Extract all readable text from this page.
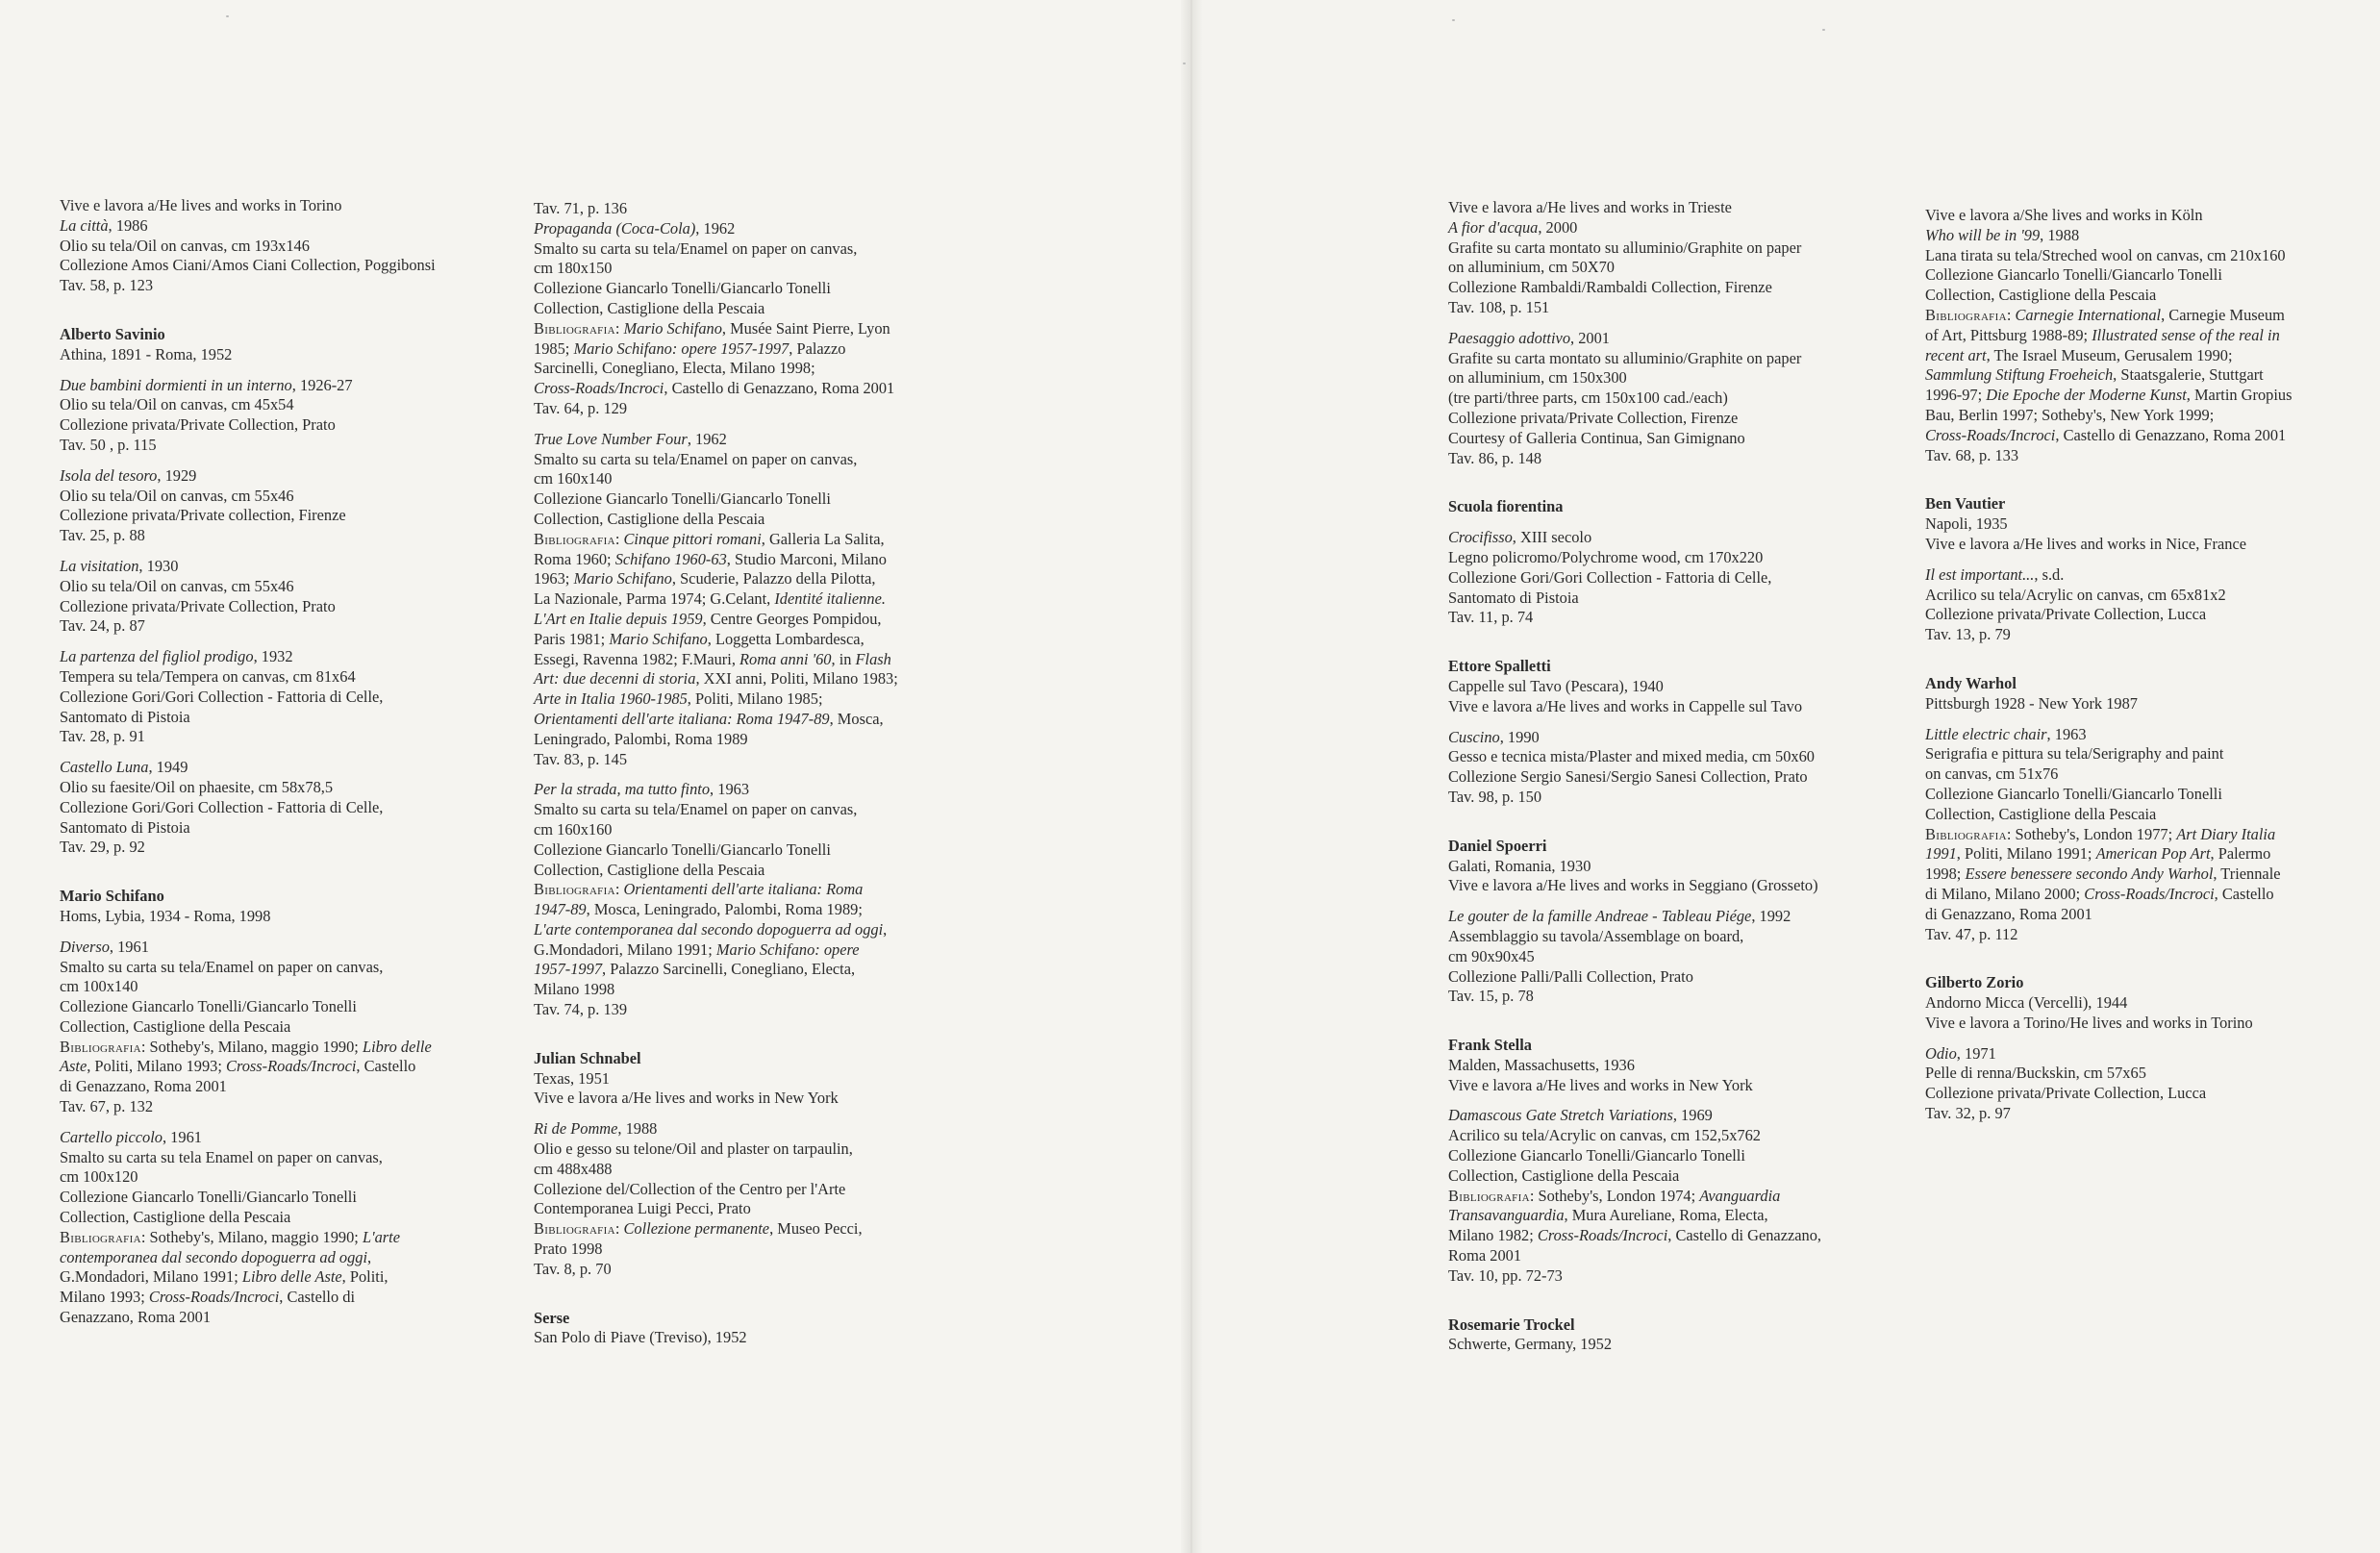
Vive e lavora a/He lives and works in Torino
La città, 1986
Olio su tela/Oil on canvas, cm 193x146
Collezione Amos Ciani/Amos Ciani Collection, Poggibonsi
Tav. 58, p. 123
Alberto Savinio
Athina, 1891 - Roma, 1952
Due bambini dormienti in un interno, 1926-27
Olio su tela/Oil on canvas, cm 45x54
Collezione privata/Private Collection, Prato
Tav. 50 , p. 115
Isola del tesoro, 1929
Olio su tela/Oil on canvas, cm 55x46
Collezione privata/Private collection, Firenze
Tav. 25, p. 88
La visitation, 1930
Olio su tela/Oil on canvas, cm 55x46
Collezione privata/Private Collection, Prato
Tav. 24, p. 87
La partenza del figliol prodigo, 1932
Tempera su tela/Tempera on canvas, cm 81x64
Collezione Gori/Gori Collection - Fattoria di Celle,
Santomato di Pistoia
Tav. 28, p. 91
Castello Luna, 1949
Olio su faesite/Oil on phaesite, cm 58x78,5
Collezione Gori/Gori Collection - Fattoria di Celle,
Santomato di Pistoia
Tav. 29, p. 92
Mario Schifano
Homs, Lybia, 1934 - Roma, 1998
Diverso, 1961
Smalto su carta su tela/Enamel on paper on canvas,
cm 100x140
Collezione Giancarlo Tonelli/Giancarlo Tonelli
Collection, Castiglione della Pescaia
Bibliografia: Sotheby's, Milano, maggio 1990; Libro delle
Aste, Politi, Milano 1993; Cross-Roads/Incroci, Castello
di Genazzano, Roma 2001
Tav. 67, p. 132
Cartello piccolo, 1961
Smalto su carta su tela Enamel on paper on canvas,
cm 100x120
Collezione Giancarlo Tonelli/Giancarlo Tonelli
Collection, Castiglione della Pescaia
Bibliografia: Sotheby's, Milano, maggio 1990; L'arte
contemporanea dal secondo dopoguerra ad oggi,
G.Mondadori, Milano 1991; Libro delle Aste, Politi,
Milano 1993; Cross-Roads/Incroci, Castello di
Genazzano, Roma 2001
Tav. 71, p. 136
Propaganda (Coca-Cola), 1962
Smalto su carta su tela/Enamel on paper on canvas,
cm 180x150
Collezione Giancarlo Tonelli/Giancarlo Tonelli
Collection, Castiglione della Pescaia
Bibliografia: Mario Schifano, Musée Saint Pierre, Lyon
1985; Mario Schifano: opere 1957-1997, Palazzo
Sarcinelli, Conegliano, Electa, Milano 1998;
Cross-Roads/Incroci, Castello di Genazzano, Roma 2001
Tav. 64, p. 129
True Love Number Four, 1962
Smalto su carta su tela/Enamel on paper on canvas,
cm 160x140
Collezione Giancarlo Tonelli/Giancarlo Tonelli
Collection, Castiglione della Pescaia
Bibliografia: Cinque pittori romani, Galleria La Salita,
Roma 1960; Schifano 1960-63, Studio Marconi, Milano
1963; Mario Schifano, Scuderie, Palazzo della Pilotta,
La Nazionale, Parma 1974; G.Celant, Identité italienne.
L'Art en Italie depuis 1959, Centre Georges Pompidou,
Paris 1981; Mario Schifano, Loggetta Lombardesca,
Essegi, Ravenna 1982; F.Mauri, Roma anni '60, in Flash
Art: due decenni di storia, XXI anni, Politi, Milano 1983;
Arte in Italia 1960-1985, Politi, Milano 1985;
Orientamenti dell'arte italiana: Roma 1947-89, Mosca,
Leningrado, Palombi, Roma 1989
Tav. 83, p. 145
Per la strada, ma tutto finto, 1963
Smalto su carta su tela/Enamel on paper on canvas,
cm 160x160
Collezione Giancarlo Tonelli/Giancarlo Tonelli
Collection, Castiglione della Pescaia
Bibliografia: Orientamenti dell'arte italiana: Roma
1947-89, Mosca, Leningrado, Palombi, Roma 1989;
L'arte contemporanea dal secondo dopoguerra ad oggi,
G.Mondadori, Milano 1991; Mario Schifano: opere
1957-1997, Palazzo Sarcinelli, Conegliano, Electa,
Milano 1998
Tav. 74, p. 139
Julian Schnabel
Texas, 1951
Vive e lavora a/He lives and works in New York
Ri de Pomme, 1988
Olio e gesso su telone/Oil and plaster on tarpaulin,
cm 488x488
Collezione del/Collection of the Centro per l'Arte
Contemporanea Luigi Pecci, Prato
Bibliografia: Collezione permanente, Museo Pecci,
Prato 1998
Tav. 8, p. 70
Serse
San Polo di Piave (Treviso), 1952
Vive e lavora a/He lives and works in Trieste
A fior d'acqua, 2000
Grafite su carta montato su alluminio/Graphite on paper
on alluminium, cm 50X70
Collezione Rambaldi/Rambaldi Collection, Firenze
Tav. 108, p. 151
Paesaggio adottivo, 2001
Grafite su carta montato su alluminio/Graphite on paper
on alluminium, cm 150x300
(tre parti/three parts, cm 150x100 cad./each)
Collezione privata/Private Collection, Firenze
Courtesy of Galleria Continua, San Gimignano
Tav. 86, p. 148
Scuola fiorentina
Crocifisso, XIII secolo
Legno policromo/Polychrome wood, cm 170x220
Collezione Gori/Gori Collection - Fattoria di Celle,
Santomato di Pistoia
Tav. 11, p. 74
Ettore Spalletti
Cappelle sul Tavo (Pescara), 1940
Vive e lavora a/He lives and works in Cappelle sul Tavo
Cuscino, 1990
Gesso e tecnica mista/Plaster and mixed media, cm 50x60
Collezione Sergio Sanesi/Sergio Sanesi Collection, Prato
Tav. 98, p. 150
Daniel Spoerri
Galati, Romania, 1930
Vive e lavora a/He lives and works in Seggiano (Grosseto)
Le gouter de la famille Andreae - Tableau Piége, 1992
Assemblaggio su tavola/Assemblage on board,
cm 90x90x45
Collezione Palli/Palli Collection, Prato
Tav. 15, p. 78
Frank Stella
Malden, Massachusetts, 1936
Vive e lavora a/He lives and works in New York
Damascous Gate Stretch Variations, 1969
Acrilico su tela/Acrylic on canvas, cm 152,5x762
Collezione Giancarlo Tonelli/Giancarlo Tonelli
Collection, Castiglione della Pescaia
Bibliografia: Sotheby's, London 1974; Avanguardia
Transavanguardia, Mura Aureliane, Roma, Electa,
Milano 1982; Cross-Roads/Incroci, Castello di Genazzano,
Roma 2001
Tav. 10, pp. 72-73
Rosemarie Trockel
Schwerte, Germany, 1952
Vive e lavora a/She lives and works in Köln
Who will be in '99, 1988
Lana tirata su tela/Streched wool on canvas, cm 210x160
Collezione Giancarlo Tonelli/Giancarlo Tonelli
Collection, Castiglione della Pescaia
Bibliografia: Carnegie International, Carnegie Museum
of Art, Pittsburg 1988-89; Illustrated sense of the real in
recent art, The Israel Museum, Gerusalem 1990;
Sammlung Stiftung Froeheich, Staatsgalerie, Stuttgart
1996-97; Die Epoche der Moderne Kunst, Martin Gropius
Bau, Berlin 1997; Sotheby's, New York 1999;
Cross-Roads/Incroci, Castello di Genazzano, Roma 2001
Tav. 68, p. 133
Ben Vautier
Napoli, 1935
Vive e lavora a/He lives and works in Nice, France
Il est important..., s.d.
Acrilico su tela/Acrylic on canvas, cm 65x81x2
Collezione privata/Private Collection, Lucca
Tav. 13, p. 79
Andy Warhol
Pittsburgh 1928 - New York 1987
Little electric chair, 1963
Serigrafia e pittura su tela/Serigraphy and paint
on canvas, cm 51x76
Collezione Giancarlo Tonelli/Giancarlo Tonelli
Collection, Castiglione della Pescaia
Bibliografia: Sotheby's, London 1977; Art Diary Italia
1991, Politi, Milano 1991; American Pop Art, Palermo
1998; Essere benessere secondo Andy Warhol, Triennale
di Milano, Milano 2000; Cross-Roads/Incroci, Castello
di Genazzano, Roma 2001
Tav. 47, p. 112
Gilberto Zorio
Andorno Micca (Vercelli), 1944
Vive e lavora a Torino/He lives and works in Torino
Odio, 1971
Pelle di renna/Buckskin, cm 57x65
Collezione privata/Private Collection, Lucca
Tav. 32, p. 97
